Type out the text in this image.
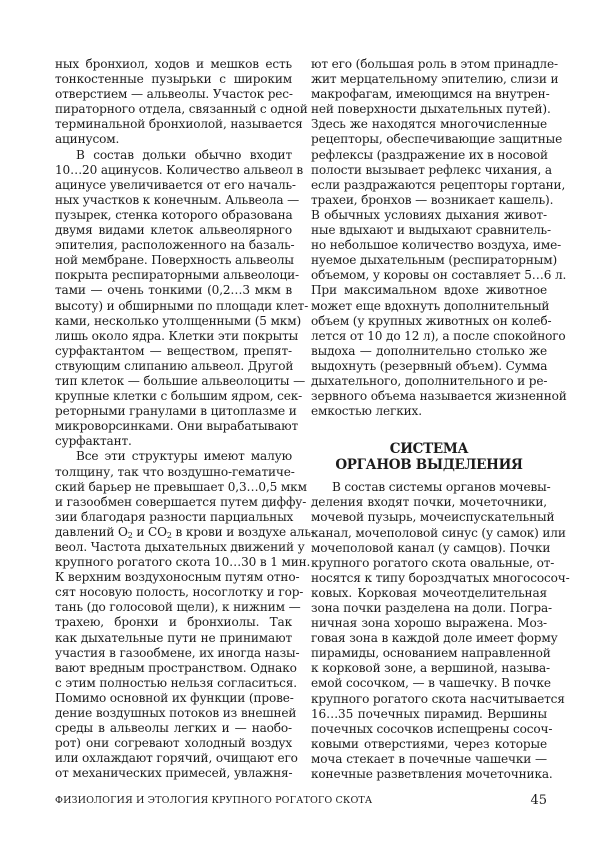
ных бронхиол, ходов и мешков есть
тонкостенные пузырьки с широким
отверстием — альвеолы. Участок рес-
пираторного отдела, связанный с одной
терминальной бронхиолой, называется
ацинусом.
В состав дольки обычно входит
10…20 ацинусов. Количество альвеол в
ацинусе увеличивается от его началь-
ных участков к конечным. Альвеола —
пузырек, стенка которого образована
двумя видами клеток альвеолярного
эпителия, расположенного на базаль-
ной мембране. Поверхность альвеолы
покрыта респираторными альвеолоци-
тами — очень тонкими (0,2…3 мкм в
высоту) и обширными по площади клет-
ками, несколько утолщенными (5 мкм)
лишь около ядра. Клетки эти покрыты
сурфактантом — веществом, препят-
ствующим слипанию альвеол. Другой
тип клеток — большие альвеолоциты —
крупные клетки с большим ядром, сек-
реторными гранулами в цитоплазме и
микроворсинками. Они вырабатывают
сурфактант.
Все эти структуры имеют малую
толщину, так что воздушно-гематиче-
ский барьер не превышает 0,3…0,5 мкм
и газообмен совершается путем диффу-
зии благодаря разности парциальных
давлений $O_2$ и $CO_2$ в крови и воздухе аль-
веол. Частота дыхательных движений у
крупного рогатого скота 10…30 в 1 мин.
К верхним воздухоносным путям отно-
сят носовую полость, носоглотку и гор-
тань (до голосовой щели), к нижним —
трахею, бронхи и бронхиолы. Так
как дыхательные пути не принимают
участия в газообмене, их иногда назы-
вают вредным пространством. Однако
с этим полностью нельзя согласиться.
Помимо основной их функции (прове-
дение воздушных потоков из внешней
среды в альвеолы легких и — наобо-
рот) они согревают холодный воздух
или охлаждают горячий, очищают его
от механических примесей, увлажня-
ют его (большая роль в этом принадле-
жит мерцательному эпителию, слизи и
макрофагам, имеющимся на внутрен-
ней поверхности дыхательных путей).
Здесь же находятся многочисленные
рецепторы, обеспечивающие защитные
рефлексы (раздражение их в носовой
полости вызывает рефлекс чихания, а
если раздражаются рецепторы гортани,
трахеи, бронхов — возникает кашель).
В обычных условиях дыхания живот-
ные вдыхают и выдыхают сравнитель-
но небольшое количество воздуха, име-
нуемое дыхательным (респираторным)
объемом, у коровы он составляет 5…6 л.
При максимальном вдохе животное
может еще вдохнуть дополнительный
объем (у крупных животных он колеб-
лется от 10 до 12 л), а после спокойного
выдоха — дополнительно столько же
выдохнуть (резервный объем). Сумма
дыхательного, дополнительного и ре-
зервного объема называется жизненной
емкостью легких.
СИСТЕМА
ОРГАНОВ ВЫДЕЛЕНИЯ
В состав системы органов мочевы-
деления входят почки, мочеточники,
мочевой пузырь, мочеиспускательный
канал, мочеполовой синус (у самок) или
мочеполовой канал (у самцов). Почки
крупного рогатого скота овальные, от-
носятся к типу бороздчатых многососоч-
ковых. Корковая мочеотделительная
зона почки разделена на доли. Погра-
ничная зона хорошо выражена. Моз-
говая зона в каждой доле имеет форму
пирамиды, основанием направленной
к корковой зоне, а вершиной, называ-
емой сосочком, — в чашечку. В почке
крупного рогатого скота насчитывается
16…35 почечных пирамид. Вершины
почечных сосочков испещрены сосоч-
ковыми отверстиями, через которые
моча стекает в почечные чашечки —
конечные разветвления мочеточника.
ФИЗИОЛОГИЯ И ЭТОЛОГИЯ КРУПНОГО РОГАТОГО СКОТА	45
